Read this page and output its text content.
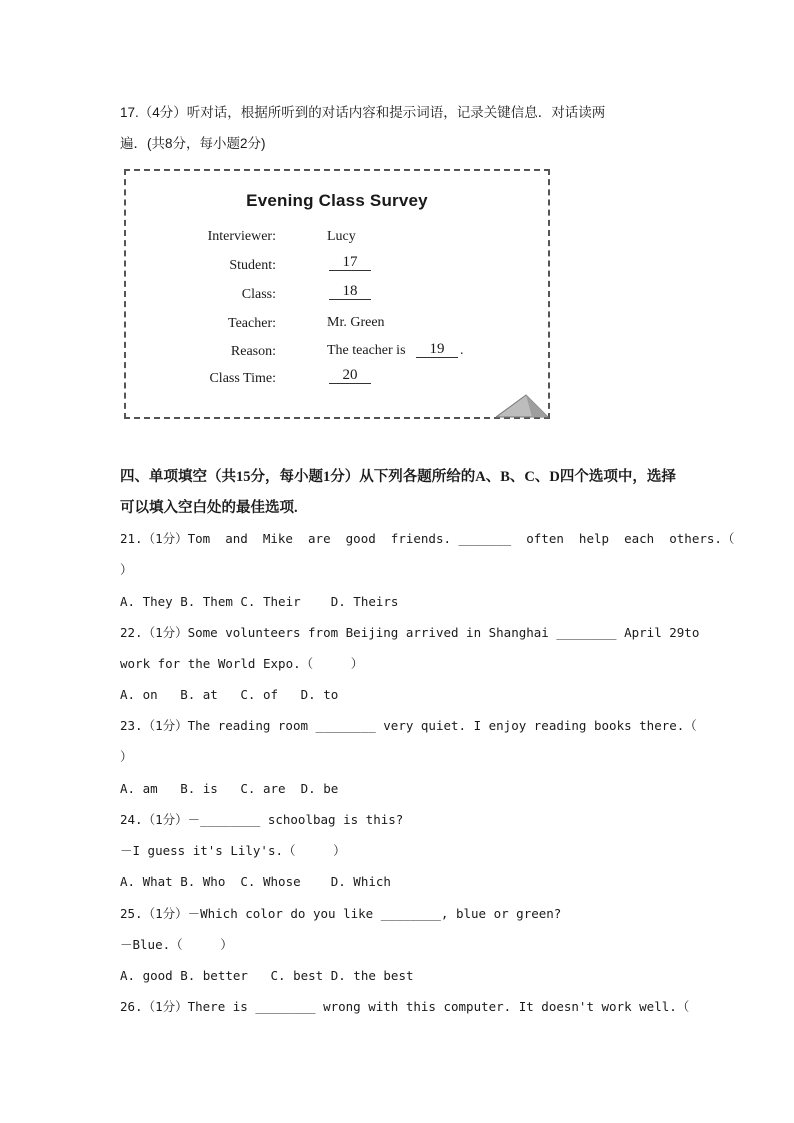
17.（4分）听对话，根据所听到的对话内容和提示词语，记录关键信息．对话读两
遍．(共8分，每小题2分)
Evening Class Survey
Interviewer:	Lucy
Student:	17
Class:	18
Teacher:	Mr. Green
Reason:	The teacher is	19	.
Class Time:	20
四、单项填空（共15分，每小题1分）从下列各题所给的A、B、C、D四个选项中，选择
可以填入空白处的最佳选项.
21.（1分）Tom  and  Mike  are  good  friends. _______  often  help  each  others.（
）
A. They B. Them C. Their    D. Theirs
22.（1分）Some volunteers from Beijing arrived in Shanghai ________ April 29to
work for the World Expo.（     ）
A. on   B. at   C. of   D. to
23.（1分）The reading room ________ very quiet. I enjoy reading books there.（
）
A. am   B. is   C. are  D. be
24.（1分）－________ schoolbag is this?
－I guess it's Lily's.（     ）
A. What B. Who  C. Whose    D. Which
25.（1分）－Which color do you like ________, blue or green?
－Blue.（     ）
A. good B. better   C. best D. the best
26.（1分）There is ________ wrong with this computer. It doesn't work well.（
